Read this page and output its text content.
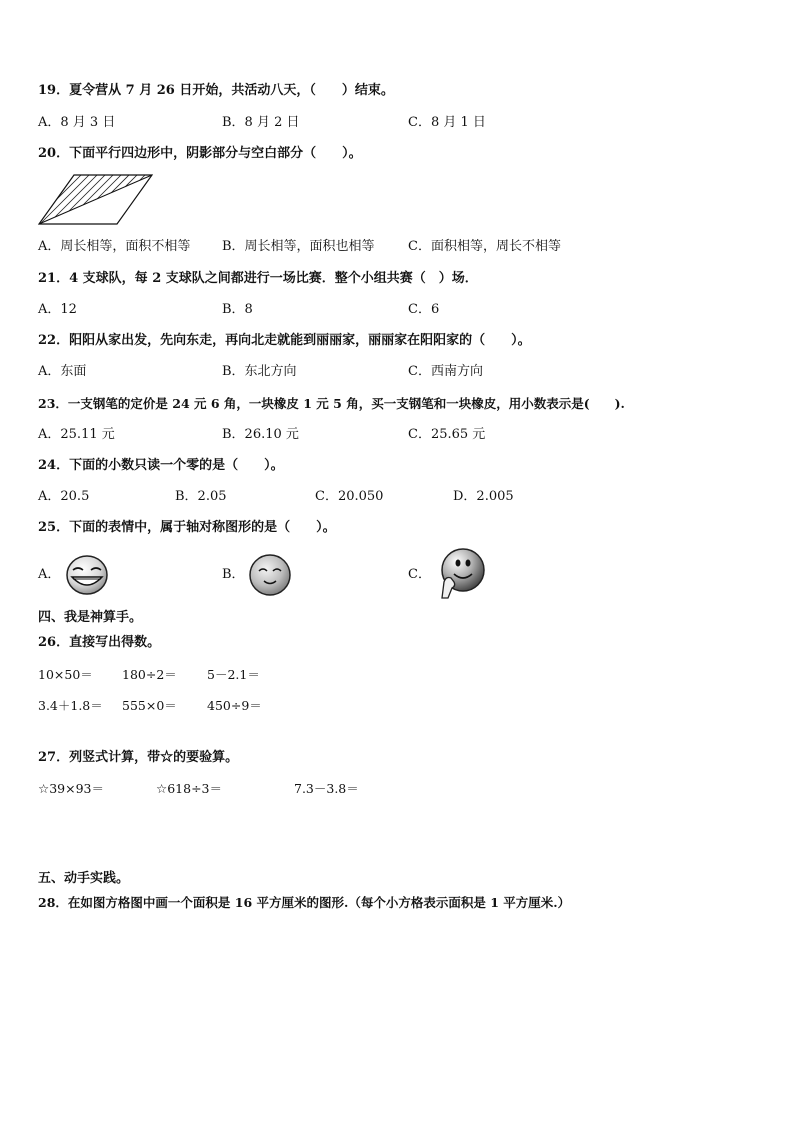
19．夏令营从 7 月 26 日开始，共活动八天，（　　）结束。
A．8 月 3 日	B．8 月 2 日	C．8 月 1 日
20．下面平行四边形中，阴影部分与空白部分（　　）。
A．周长相等，面积不相等 B．周长相等，面积也相等	C．面积相等，周长不相等
21．4 支球队，每 2 支球队之间都进行一场比赛．整个小组共赛（　）场．
A．12	B．8	C．6
22．阳阳从家出发，先向东走，再向北走就能到丽丽家，丽丽家在阳阳家的（　　）。
A．东面	B．东北方向	C．西南方向
23．一支钢笔的定价是 24 元 6 角，一块橡皮 1 元 5 角，买一支钢笔和一块橡皮，用小数表示是(　　).
A．25.11 元	B．26.10 元	C．25.65 元
24．下面的小数只读一个零的是（　　）。
A．20.5	B．2.05	C．20.050	D．2.005
25．下面的表情中，属于轴对称图形的是（　　）。
A．	B．	C．
四、我是神算手。
26．直接写出得数。
10×50＝ 180÷2＝ 5－2.1＝
3.4＋1.8＝ 555×0＝ 450÷9＝
27．列竖式计算，带☆的要验算。
☆39×93＝	☆618÷3＝	7.3－3.8＝
五、动手实践。
28．在如图方格图中画一个面积是 16 平方厘米的图形.（每个小方格表示面积是 1 平方厘米.）
